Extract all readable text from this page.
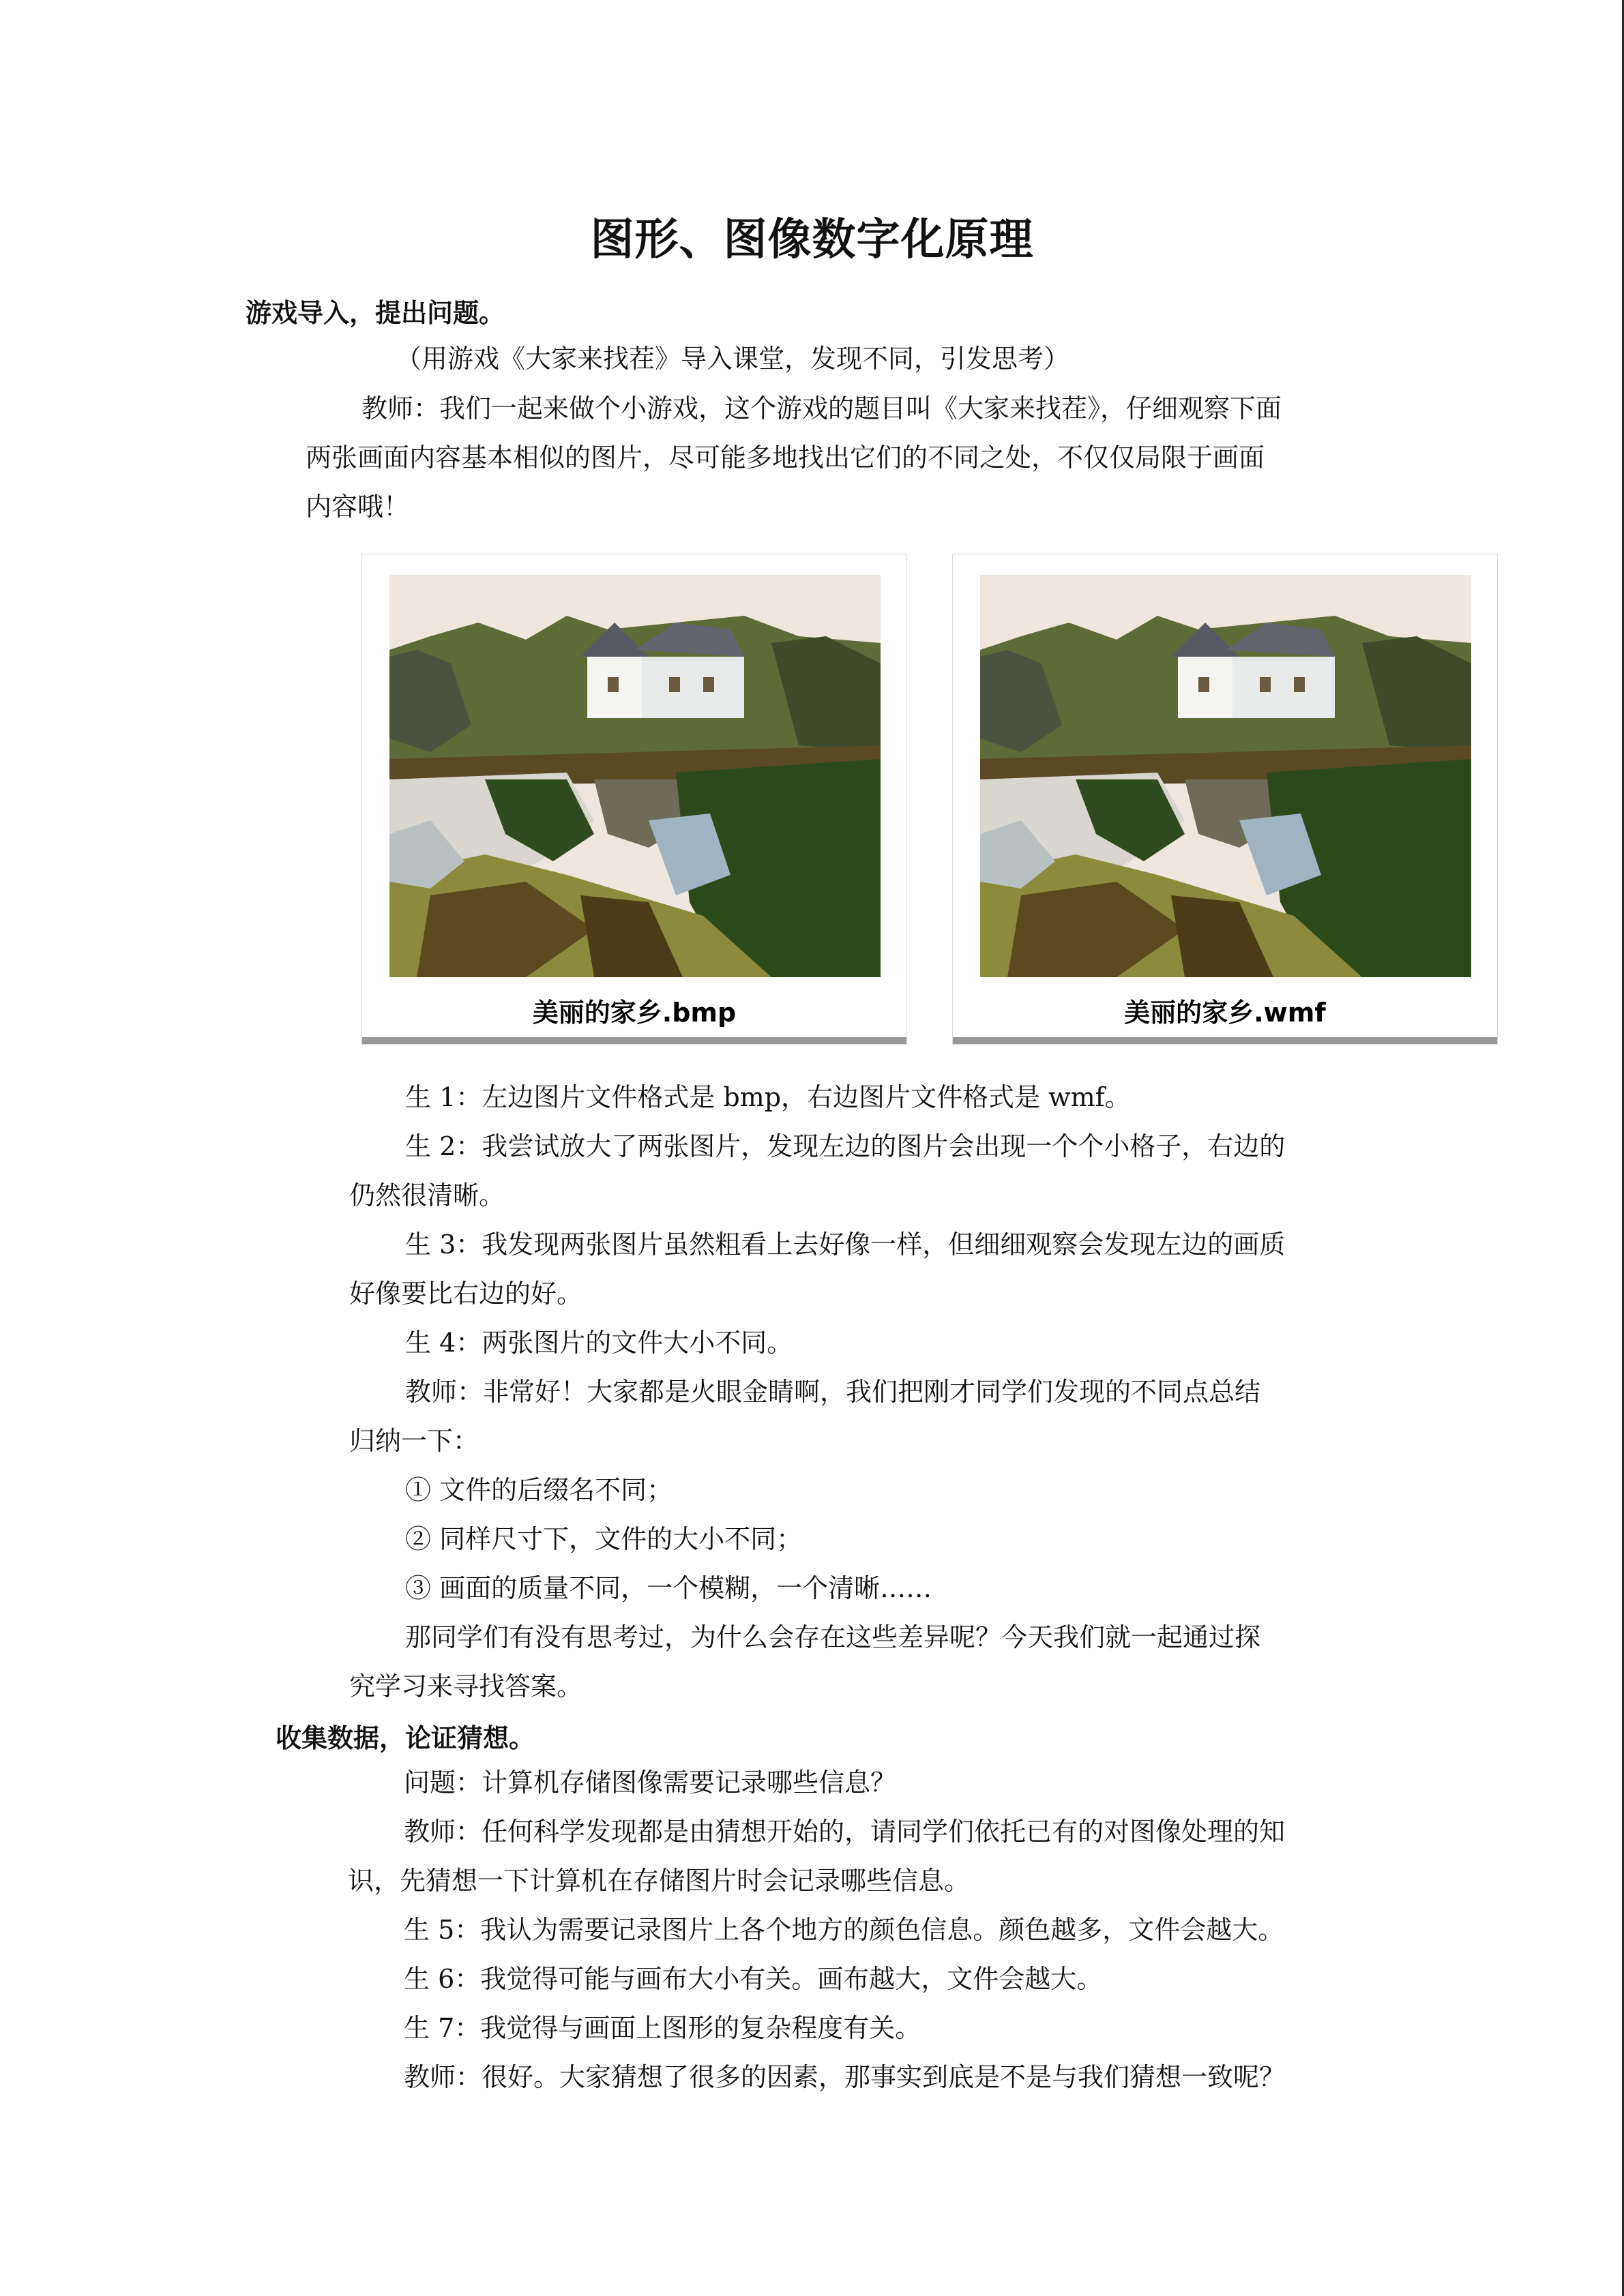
图形、图像数字化原理
游戏导入，提出问题。
（用游戏《大家来找茬》导入课堂，发现不同，引发思考）
教师：我们一起来做个小游戏，这个游戏的题目叫《大家来找茬》，仔细观察下面
两张画面内容基本相似的图片，尽可能多地找出它们的不同之处，不仅仅局限于画面
内容哦！
美丽的家乡.bmp	美丽的家乡.wmf
生 1：左边图片文件格式是 bmp，右边图片文件格式是 wmf。
生 2：我尝试放大了两张图片，发现左边的图片会出现一个个小格子，右边的
仍然很清晰。
生 3：我发现两张图片虽然粗看上去好像一样，但细细观察会发现左边的画质
好像要比右边的好。
生 4：两张图片的文件大小不同。
教师：非常好！大家都是火眼金睛啊，我们把刚才同学们发现的不同点总结
归纳一下：
① 文件的后缀名不同；
② 同样尺寸下，文件的大小不同；
③ 画面的质量不同，一个模糊，一个清晰……
那同学们有没有思考过，为什么会存在这些差异呢？今天我们就一起通过探
究学习来寻找答案。
收集数据，论证猜想。
问题：计算机存储图像需要记录哪些信息？
教师：任何科学发现都是由猜想开始的，请同学们依托已有的对图像处理的知
识，先猜想一下计算机在存储图片时会记录哪些信息。
生 5：我认为需要记录图片上各个地方的颜色信息。颜色越多，文件会越大。
生 6：我觉得可能与画布大小有关。画布越大，文件会越大。
生 7：我觉得与画面上图形的复杂程度有关。
教师：很好。大家猜想了很多的因素，那事实到底是不是与我们猜想一致呢？
